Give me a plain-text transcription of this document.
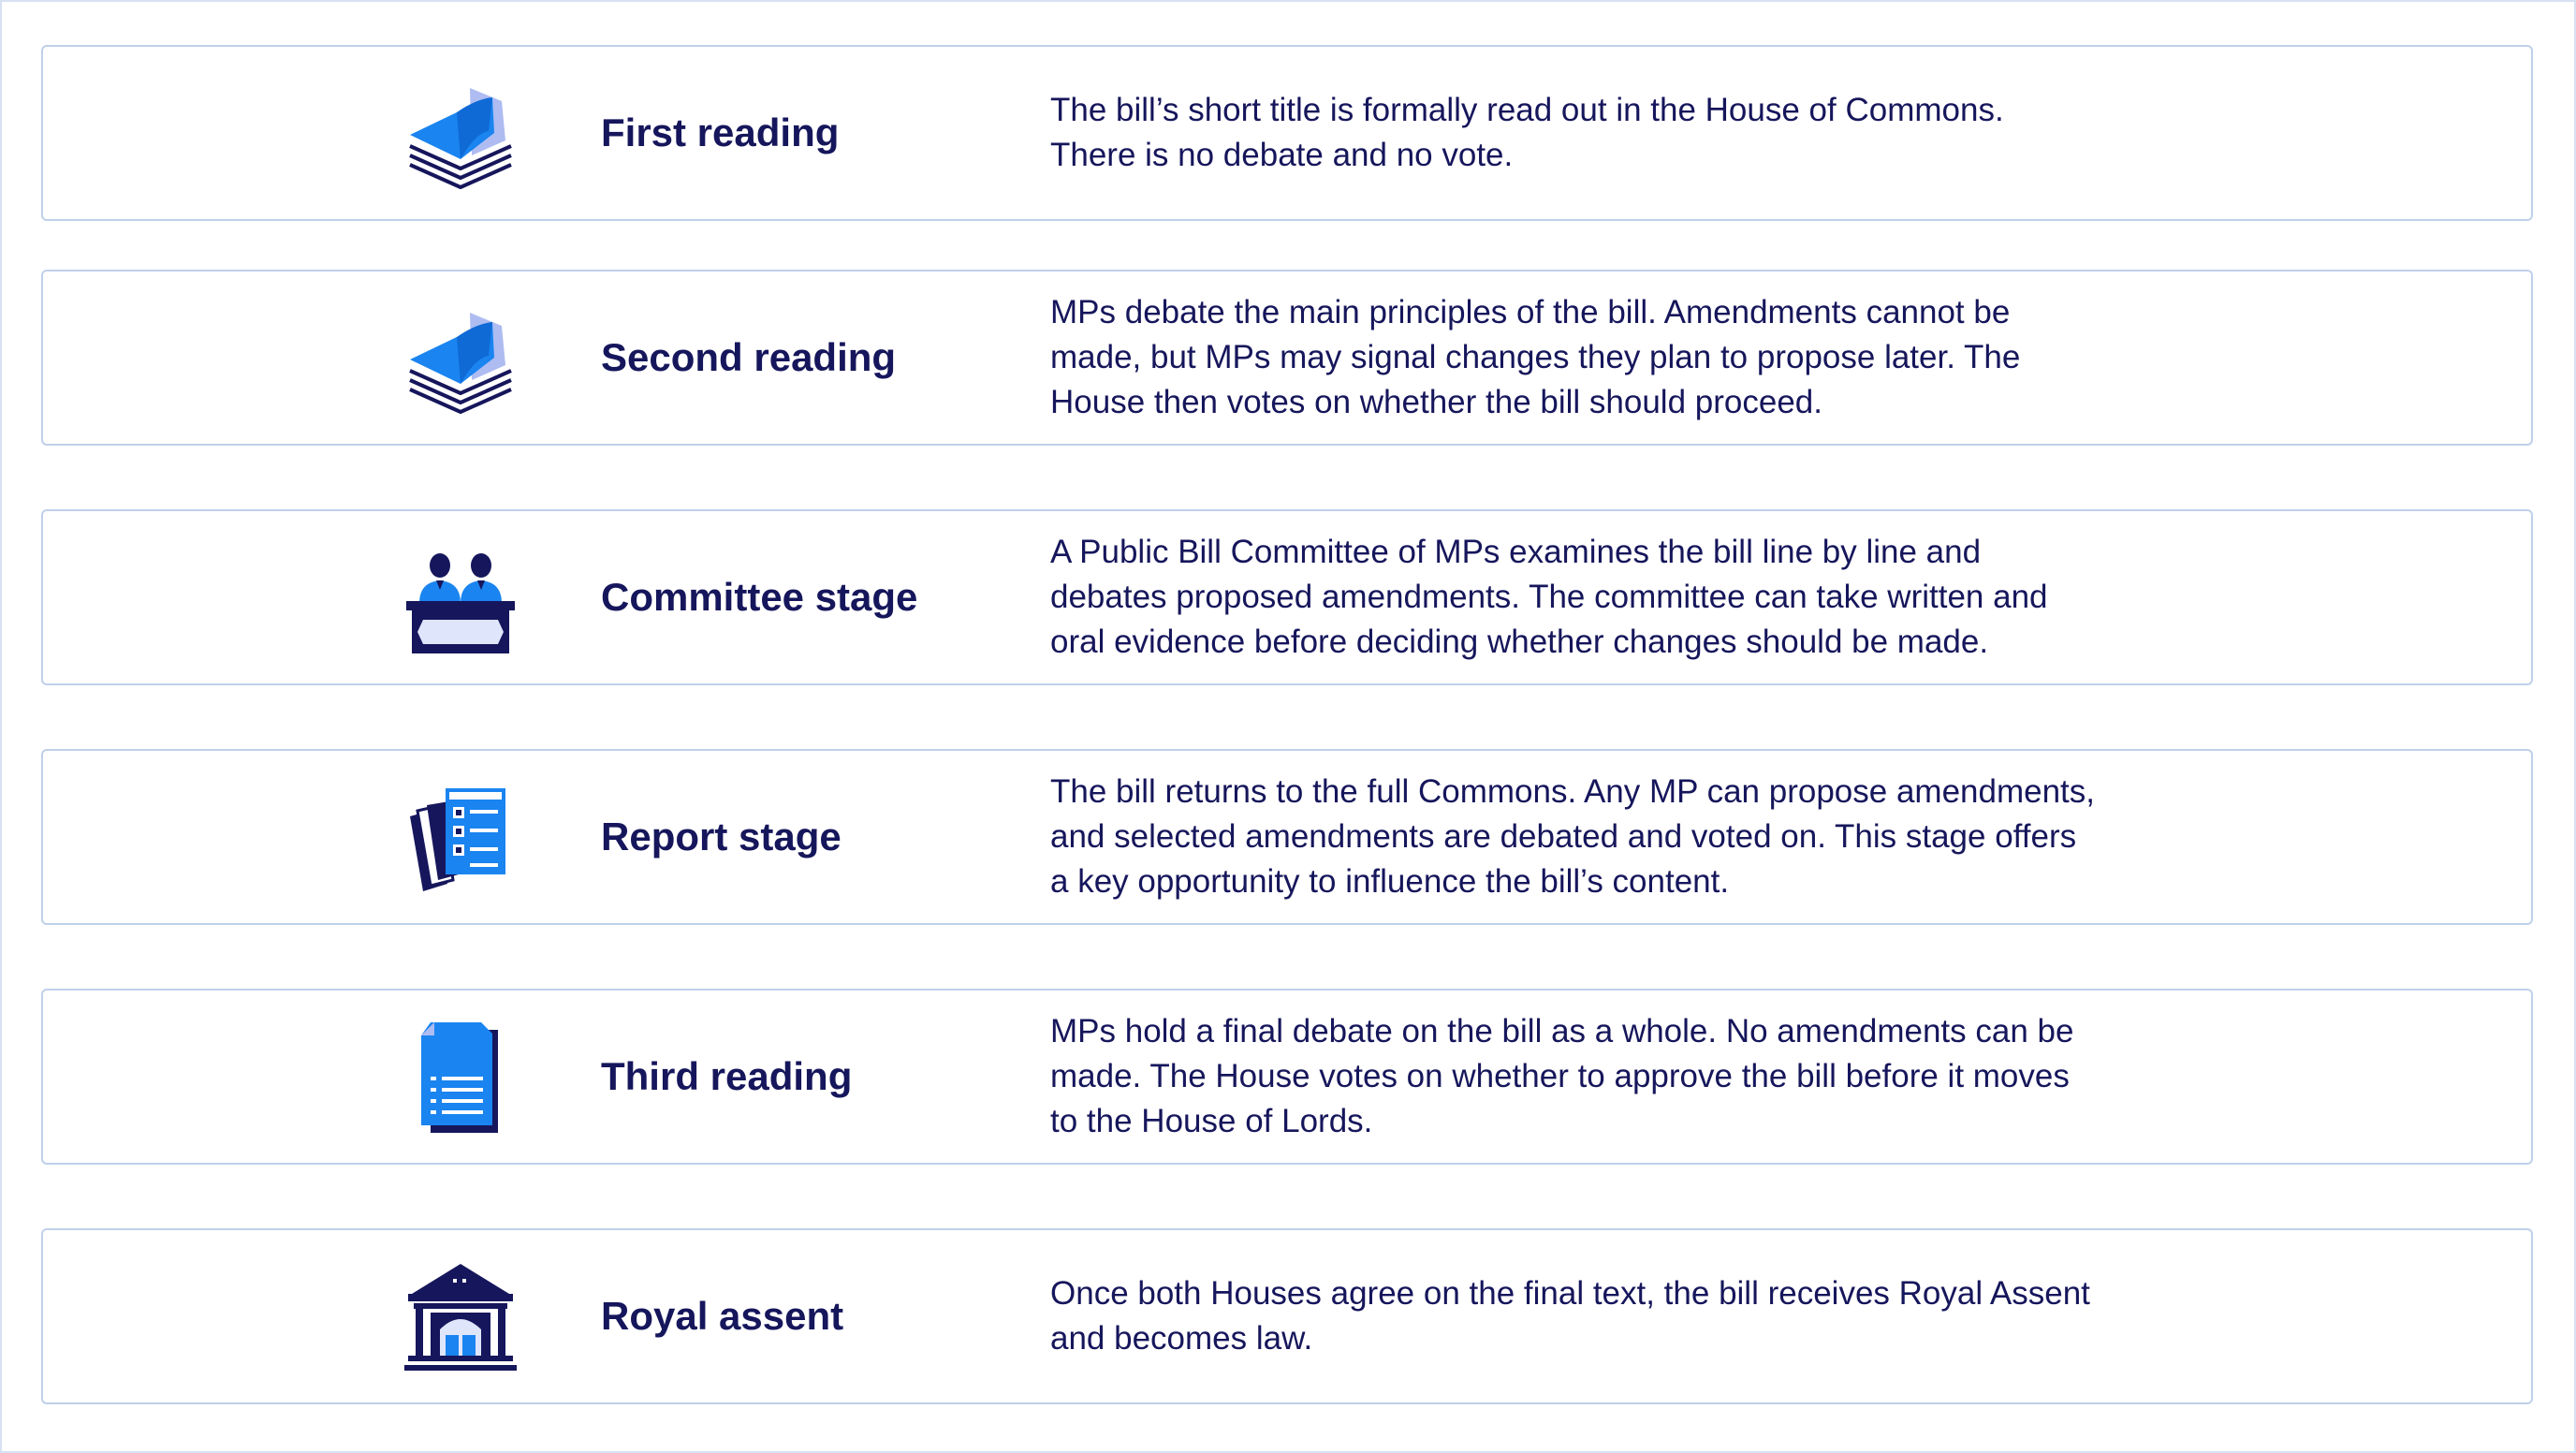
First reading
The bill’s short title is formally read out in the House of Commons.
There is no debate and no vote.
Second reading
MPs debate the main principles of the bill. Amendments cannot be
made, but MPs may signal changes they plan to propose later. The
House then votes on whether the bill should proceed.
Committee stage
A Public Bill Committee of MPs examines the bill line by line and
debates proposed amendments. The committee can take written and
oral evidence before deciding whether changes should be made.
Report stage
The bill returns to the full Commons. Any MP can propose amendments,
and selected amendments are debated and voted on. This stage offers
a key opportunity to influence the bill’s content.
Third reading
MPs hold a final debate on the bill as a whole. No amendments can be
made. The House votes on whether to approve the bill before it moves
to the House of Lords.
Royal assent
Once both Houses agree on the final text, the bill receives Royal Assent
and becomes law.
